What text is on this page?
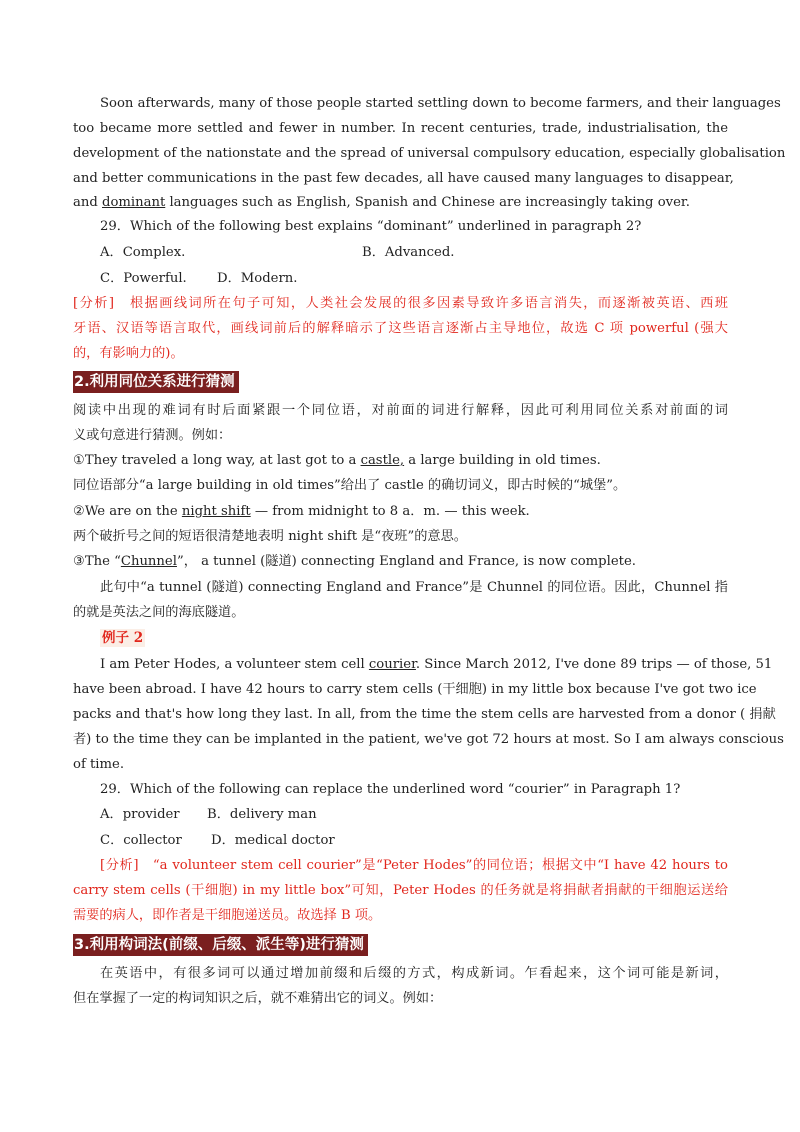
Soon afterwards, many of those people started settling down to become farmers, and their languages
too became more settled and fewer in number. In recent centuries, trade, industrialisation, the
development of the nationstate and the spread of universal compulsory education, especially globalisation
and better communications in the past few decades, all have caused many languages to disappear,
and dominant languages such as English, Spanish and Chinese are increasingly taking over.
29．Which of the following best explains “dominant” underlined in paragraph 2?
A．Complex.	B．Advanced.
C．Powerful. D．Modern.
[分析]　根据画线词所在句子可知，人类社会发展的很多因素导致许多语言消失，而逐渐被英语、西班
牙语、汉语等语言取代，画线词前后的解释暗示了这些语言逐渐占主导地位，故选 C 项 powerful (强大
的，有影响力的)。
2.利用同位关系进行猜测
阅读中出现的难词有时后面紧跟一个同位语，对前面的词进行解释，因此可利用同位关系对前面的词
义或句意进行猜测。例如：
①They traveled a long way, at last got to a castle, a large building in old times.
同位语部分“a large building in old times”给出了 castle 的确切词义，即古时候的“城堡”。
②We are on the night shift — from midnight to 8 a．m. — this week.
两个破折号之间的短语很清楚地表明 night shift 是“夜班”的意思。
③The “Chunnel”， a tunnel (隧道) connecting England and France, is now complete.
此句中“a tunnel (隧道) connecting England and France”是 Chunnel 的同位语。因此，Chunnel 指
的就是英法之间的海底隧道。
例子 2
I am Peter Hodes, a volunteer stem cell courier. Since March 2012, I've done 89 trips — of those, 51
have been abroad. I have 42 hours to carry stem cells (干细胞) in my little box because I've got two ice
packs and that's how long they last. In all, from the time the stem cells are harvested from a donor ( 捐献
者) to the time they can be implanted in the patient, we've got 72 hours at most. So I am always conscious
of time.
29．Which of the following can replace the underlined word “courier” in Paragraph 1?
A．provider B．delivery man
C．collector D．medical doctor
[分析]　“a volunteer stem cell courier”是“Peter Hodes”的同位语；根据文中“I have 42 hours to
carry stem cells (干细胞) in my little box”可知，Peter Hodes 的任务就是将捐献者捐献的干细胞运送给
需要的病人，即作者是干细胞递送员。故选择 B 项。
3.利用构词法(前缀、后缀、派生等)进行猜测
在英语中，有很多词可以通过增加前缀和后缀的方式，构成新词。乍看起来，这个词可能是新词，
但在掌握了一定的构词知识之后，就不难猜出它的词义。例如：
